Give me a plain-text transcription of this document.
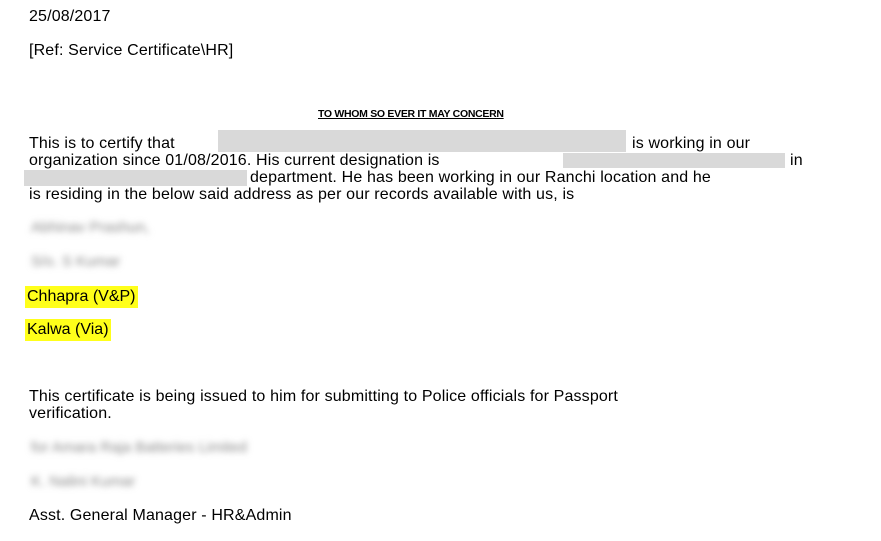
25/08/2017
[Ref: Service Certificate\HR]
TO WHOM SO EVER IT MAY CONCERN
This is to certify that	is working in our
organization since 01/08/2016. His current designation is	in
department. He has been working in our Ranchi location and he
is residing in the below said address as per our records available with us, is
Abhinav Prashun,
S/o. S Kumar
Chhapra (V&P)
Kalwa (Via)
This certificate is being issued to him for submitting to Police officials for Passport
verification.
for Amara Raja Batteries Limited
K. Nalini Kumar
Asst. General Manager - HR&Admin
